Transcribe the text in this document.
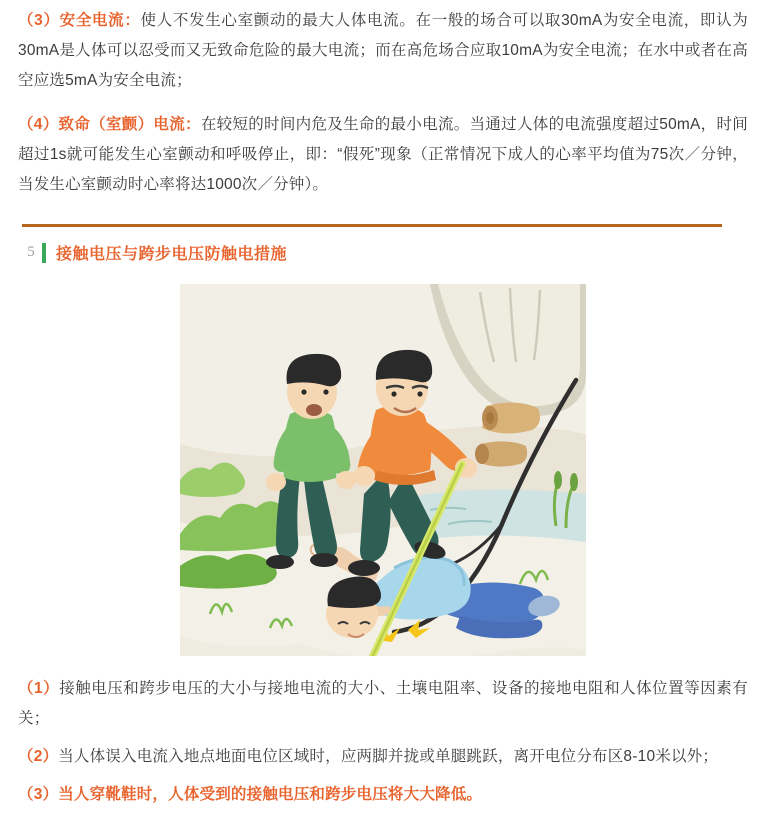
（3）安全电流：使人不发生心室颤动的最大人体电流。在一般的场合可以取30mA为安全电流，即认为30mA是人体可以忍受而又无致命危险的最大电流；而在高危场合应取10mA为安全电流；在水中或者在高空应选5mA为安全电流；

（4）致命（室颤）电流：在较短的时间内危及生命的最小电流。当通过人体的电流强度超过50mA，时间超过1s就可能发生心室颤动和呼吸停止，即：“假死”现象（正常情况下成人的心率平均值为75次／分钟，当发生心室颤动时心率将达1000次／分钟）。

5	接触电压与跨步电压防触电措施

（1）接触电压和跨步电压的大小与接地电流的大小、土壤电阻率、设备的接地电阻和人体位置等因素有关；

（2）当人体误入电流入地点地面电位区域时，应两脚并拢或单腿跳跃，离开电位分布区8-10米以外；

（3）当人穿靴鞋时，人体受到的接触电压和跨步电压将大大降低。
